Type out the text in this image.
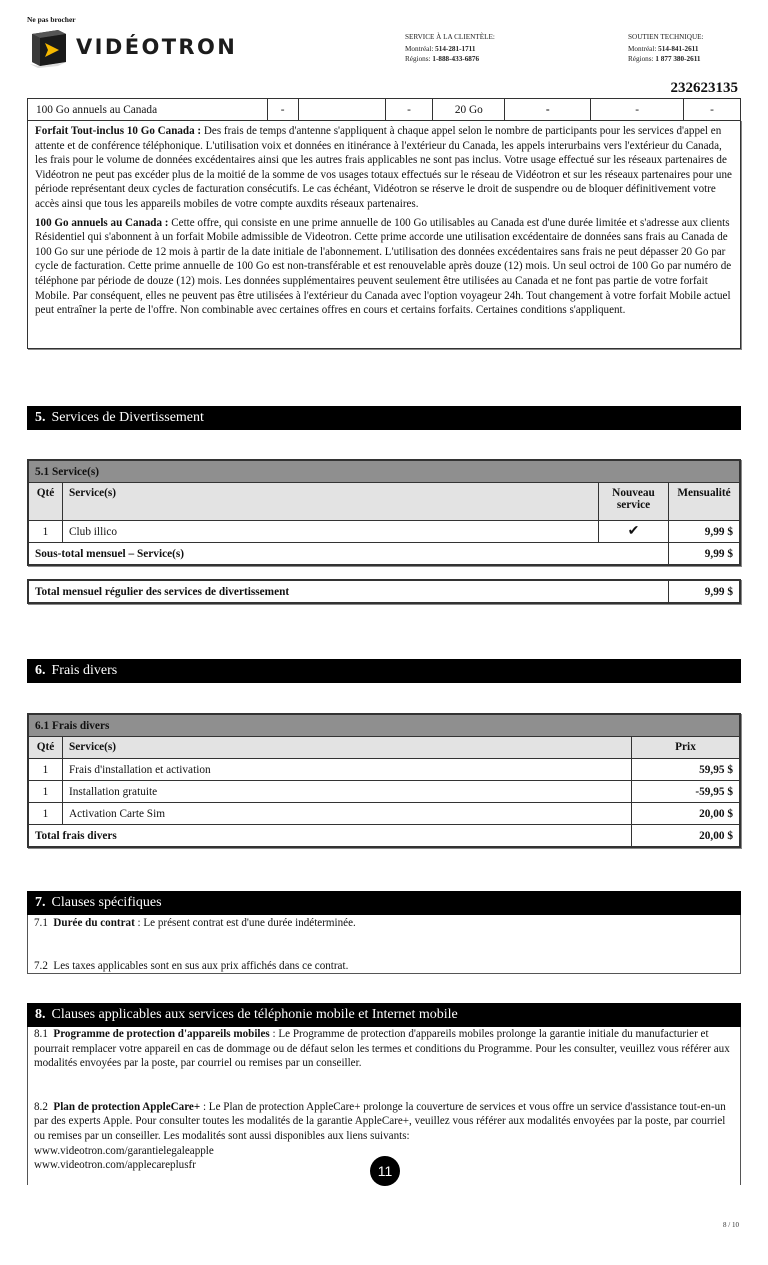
Ne pas brocher
VIDÉOTRON	SERVICE À LA CLIENTÈLE:
Montréal: 514-281-1711
Régions: 1-888-433-6876
SOUTIEN TECHNIQUE:
Montréal: 514-841-2611
Régions: 1 877 380-2611
232623135
100 Go annuels au Canada	-		-	20 Go	-	-	-

Forfait Tout-inclus 10 Go Canada : Des frais de temps d'antenne s'appliquent à chaque appel selon le nombre de participants pour les services d'appel en attente et de conférence téléphonique. L'utilisation voix et données en itinérance à l'extérieur du Canada, les appels interurbains vers l'extérieur du Canada, les frais pour le volume de données excédentaires ainsi que les autres frais applicables ne sont pas inclus. Votre usage effectué sur les réseaux partenaires de Vidéotron ne peut pas excéder plus de la moitié de la somme de vos usages totaux effectués sur le réseau de Vidéotron et sur les réseaux partenaires pour une période représentant deux cycles de facturation consécutifs. Le cas échéant, Vidéotron se réserve le droit de suspendre ou de bloquer définitivement votre accès ainsi que tous les appareils mobiles de votre compte auxdits réseaux partenaires.

100 Go annuels au Canada : Cette offre, qui consiste en une prime annuelle de 100 Go utilisables au Canada est d'une durée limitée et s'adresse aux clients Résidentiel qui s'abonnent à un forfait Mobile admissible de Videotron. Cette prime accorde une utilisation excédentaire de données sans frais au Canada de 100 Go sur une période de 12 mois à partir de la date initiale de l'abonnement. L'utilisation des données excédentaires sans frais ne peut dépasser 20 Go par cycle de facturation. Cette prime annuelle de 100 Go est non-transférable et est renouvelable après douze (12) mois. Un seul octroi de 100 Go par numéro de téléphone par période de douze (12) mois. Les données supplémentaires peuvent seulement être utilisées au Canada et ne font pas partie de votre forfait Mobile. Par conséquent, elles ne peuvent pas être utilisées à l'extérieur du Canada avec l'option voyageur 24h. Tout changement à votre forfait Mobile actuel peut entraîner la perte de l'offre. Non combinable avec certaines offres en cours et certains forfaits. Certaines conditions s'appliquent.

5. Services de Divertissement
5.1 Service(s)			
Qté	Service(s)	Nouveau service	Mensualité
1	Club illico	✔	9,99 $
Sous-total mensuel – Service(s)			9,99 $
Total mensuel régulier des services de divertissement	9,99 $
6. Frais divers
6.1 Frais divers		
Qté	Service(s)	Prix
1	Frais d'installation et activation	59,95 $
1	Installation gratuite	-59,95 $
1	Activation Carte Sim	20,00 $
Total frais divers		20,00 $
7. Clauses spécifiques
7.1 Durée du contrat : Le présent contrat est d'une durée indéterminée.
7.2 Les taxes applicables sont en sus aux prix affichés dans ce contrat.
8. Clauses applicables aux services de téléphonie mobile et Internet mobile
8.1 Programme de protection d'appareils mobiles : Le Programme de protection d'appareils mobiles prolonge la garantie initiale du manufacturier et pourrait remplacer votre appareil en cas de dommage ou de défaut selon les termes et conditions du Programme. Pour les consulter, veuillez vous référer aux modalités envoyées par la poste, par courriel ou remises par un conseiller.
8.2 Plan de protection AppleCare+ : Le Plan de protection AppleCare+ prolonge la couverture de services et vous offre un service d'assistance tout-en-un par des experts Apple. Pour consulter toutes les modalités de la garantie AppleCare+, veuillez vous référer aux modalités envoyées par la poste, par courriel ou remises par un conseiller. Les modalités sont aussi disponibles aux liens suivants:
www.videotron.com/garantielegaleapple
www.videotron.com/applecareplusfr	11
8 / 10
